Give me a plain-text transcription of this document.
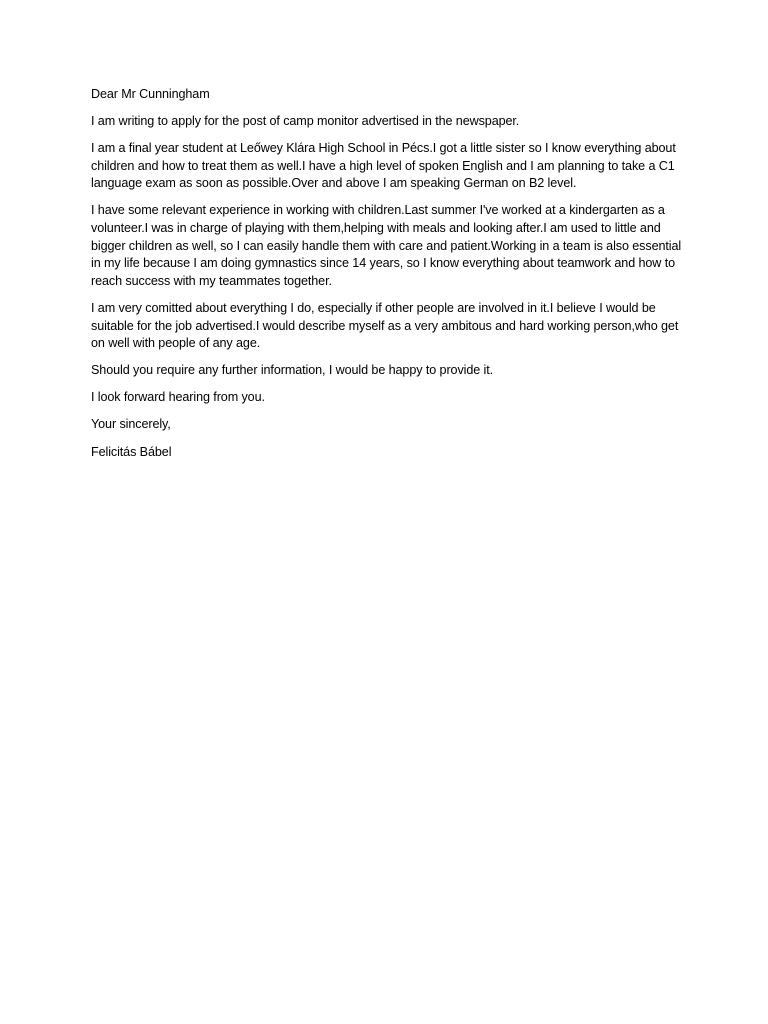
Dear Mr Cunningham

I am writing to apply for the post of camp monitor advertised in the newspaper.

I am a final year student at Leőwey Klára High School in Pécs.I got a little sister so I know everything about children and how to treat them as well.I have a high level of spoken English and I am planning to take a C1 language exam as soon as possible.Over and above I am speaking German on B2 level.

I have some relevant experience in working with children.Last summer I've worked at a kindergarten as a volunteer.I was in charge of playing with them,helping with meals and looking after.I am used to little and bigger children as well, so I can easily handle them with care and patient.Working in a team is also essential in my life because I am doing gymnastics since 14 years, so I know everything about teamwork and how to reach success with my teammates together.

I am very comitted about everything I do, especially if other people are involved in it.I believe I would be suitable for the job advertised.I would describe myself as a very ambitous and hard working person,who get on well with people of any age.

Should you require any further information, I would be happy to provide it.

I look forward hearing from you.

Your sincerely,

Felicitás Bábel
